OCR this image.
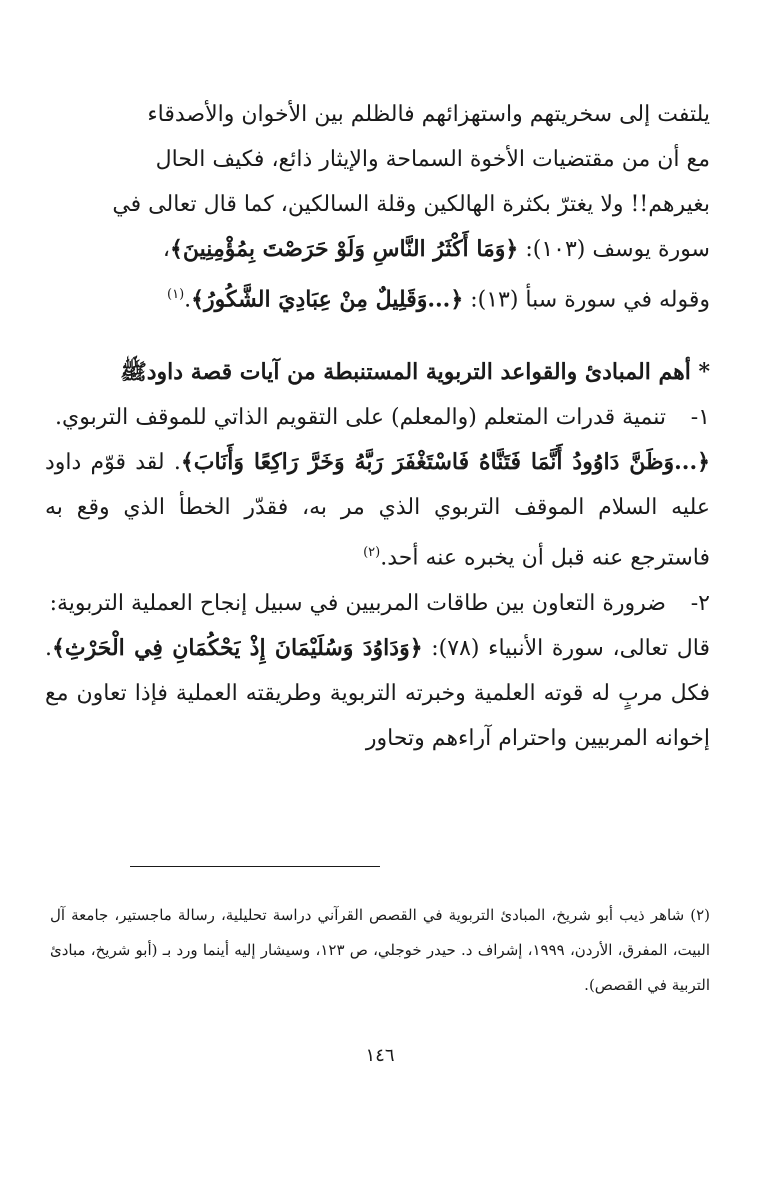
يلتفت إلى سخريتهم واستهزائهم فالظلم بين الأخوان والأصدقاء

مع أن من مقتضيات الأخوة السماحة والإيثار ذائع، فكيف الحال

بغيرهم!! ولا يغترّ بكثرة الهالكين وقلة السالكين، كما قال تعالى في

سورة يوسف (١٠٣): ﴿وَمَا أَكْثَرُ النَّاسِ وَلَوْ حَرَصْتَ بِمُؤْمِنِينَ﴾،

وقوله في سورة سبأ (١٣): ﴿...وَقَلِيلٌ مِنْ عِبَادِيَ الشَّكُورُ﴾.$^{(١)}$

* أهم المبادئ والقواعد التربوية المستنبطة من آيات قصة داودﷺ
١-
تنمية قدرات المتعلم (والمعلم) على التقويم الذاتي للموقف التربوي.

﴿...وَظَنَّ دَاوُودُ أَنَّمَا فَتَنَّاهُ فَاسْتَغْفَرَ رَبَّهُ وَخَرَّ رَاكِعًا وَأَنَابَ﴾. لقد قوّم داود عليه السلام الموقف التربوي الذي مر به، فقدّر الخطأ الذي وقع به فاسترجع عنه قبل أن يخبره عنه أحد.$^{(٢)}$

٢-
ضرورة التعاون بين طاقات المربيين في سبيل إنجاح العملية التربوية:

قال تعالى، سورة الأنبياء (٧٨): ﴿وَدَاوُدَ وَسُلَيْمَانَ إِذْ يَحْكُمَانِ فِي الْحَرْثِ﴾. فكل مربٍ له قوته العلمية وخبرته التربوية وطريقته العملية فإذا تعاون مع إخوانه المربيين واحترام آراءهم وتحاور

(٢) شاهر ذيب أبو شريخ، المبادئ التربوية في القصص القرآني دراسة تحليلية، رسالة ماجستير، جامعة آل البيت، المفرق، الأردن، ١٩٩٩، إشراف د. حيدر خوجلي، ص ١٢٣، وسيشار إليه أينما ورد بـ (أبو شريخ، مبادئ التربية في القصص).

١٤٦
